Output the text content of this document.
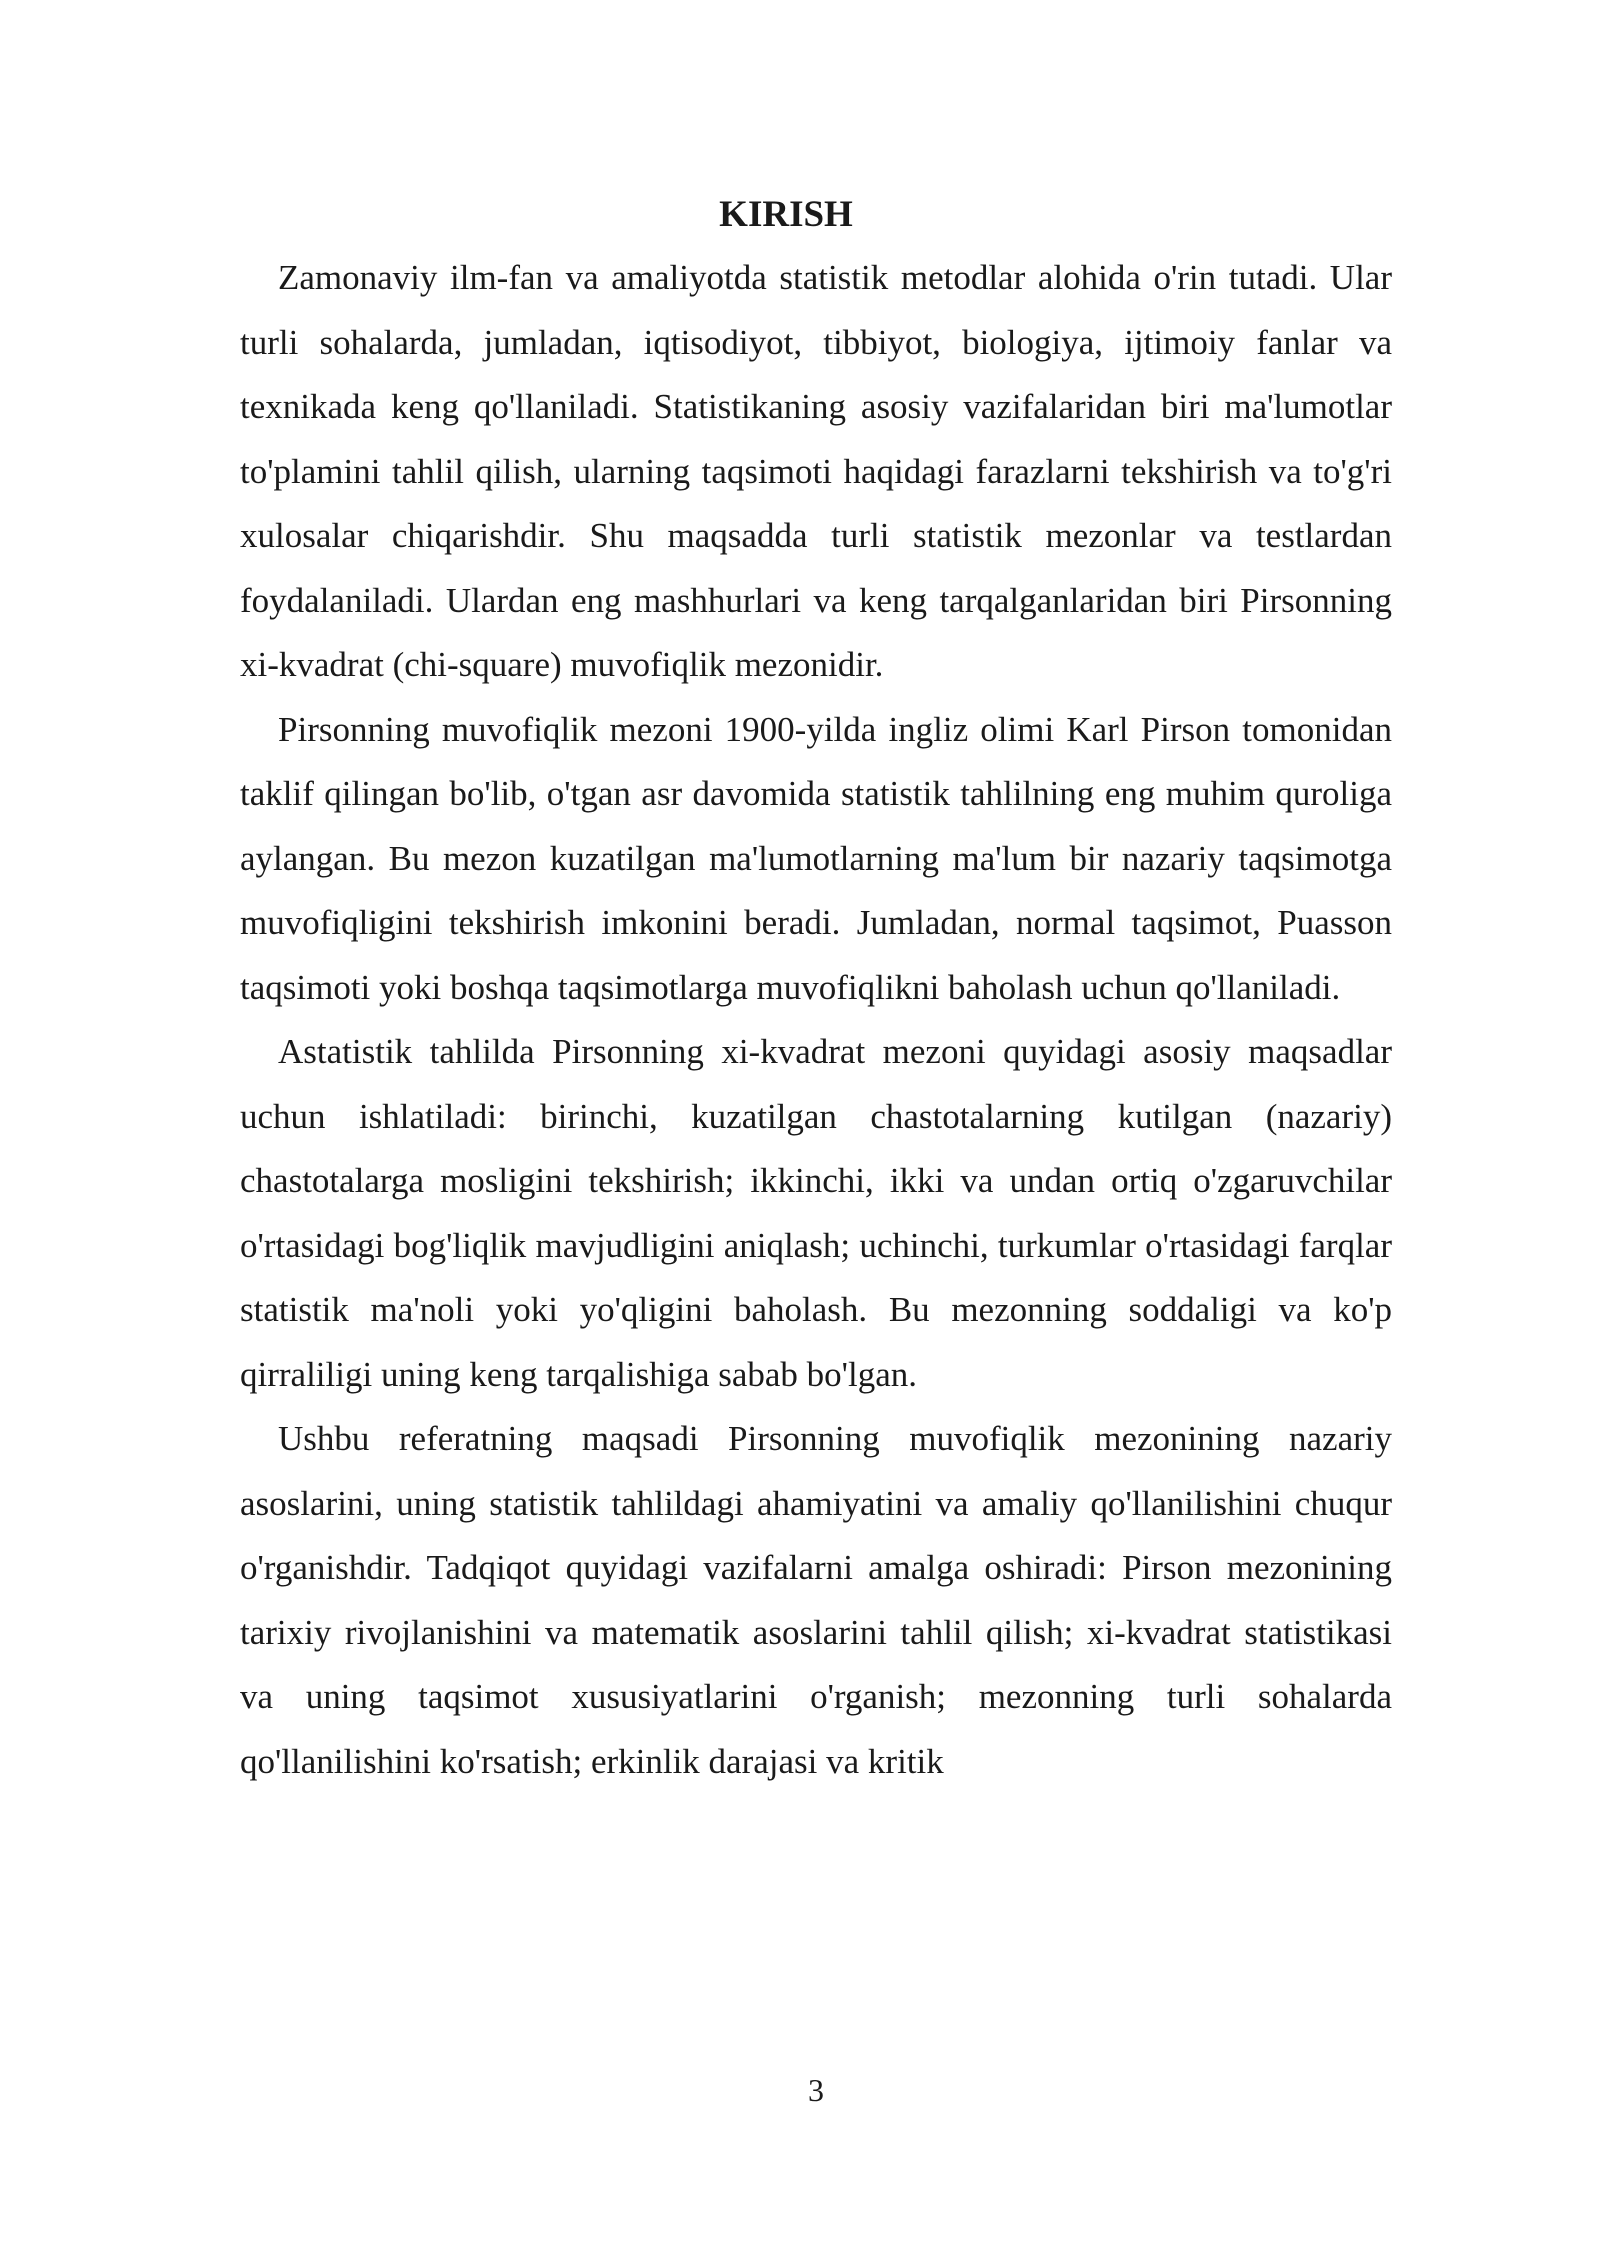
KIRISH

Zamonaviy ilm-fan va amaliyotda statistik metodlar alohida o'rin tutadi. Ular turli sohalarda, jumladan, iqtisodiyot, tibbiyot, biologiya, ijtimoiy fanlar va texnikada keng qo'llaniladi. Statistikaning asosiy vazifalaridan biri ma'lumotlar to'plamini tahlil qilish, ularning taqsimoti haqidagi farazlarni tekshirish va to'g'ri xulosalar chiqarishdir. Shu maqsadda turli statistik mezonlar va testlardan foydalaniladi. Ulardan eng mashhurlari va keng tarqalganlaridan biri Pirsonning xi-kvadrat (chi-square) muvofiqlik mezonidir.

Pirsonning muvofiqlik mezoni 1900-yilda ingliz olimi Karl Pirson tomonidan taklif qilingan bo'lib, o'tgan asr davomida statistik tahlilning eng muhim quroliga aylangan. Bu mezon kuzatilgan ma'lumotlarning ma'lum bir nazariy taqsimotga muvofiqligini tekshirish imkonini beradi. Jumladan, normal taqsimot, Puasson taqsimoti yoki boshqa taqsimotlarga muvofiqlikni baholash uchun qo'llaniladi.

Astatistik tahlilda Pirsonning xi-kvadrat mezoni quyidagi asosiy maqsadlar uchun ishlatiladi: birinchi, kuzatilgan chastotalarning kutilgan (nazariy) chastotalarga mosligini tekshirish; ikkinchi, ikki va undan ortiq o'zgaruvchilar o'rtasidagi bog'liqlik mavjudligini aniqlash; uchinchi, turkumlar o'rtasidagi farqlar statistik ma'noli yoki yo'qligini baholash. Bu mezonning soddaligi va ko'p qirraliligi uning keng tarqalishiga sabab bo'lgan.

Ushbu referatning maqsadi Pirsonning muvofiqlik mezonining nazariy asoslarini, uning statistik tahlildagi ahamiyatini va amaliy qo'llanilishini chuqur o'rganishdir. Tadqiqot quyidagi vazifalarni amalga oshiradi: Pirson mezonining tarixiy rivojlanishini va matematik asoslarini tahlil qilish; xi-kvadrat statistikasi va uning taqsimot xususiyatlarini o'rganish; mezonning turli sohalarda qo'llanilishini ko'rsatish; erkinlik darajasi va kritik

3
